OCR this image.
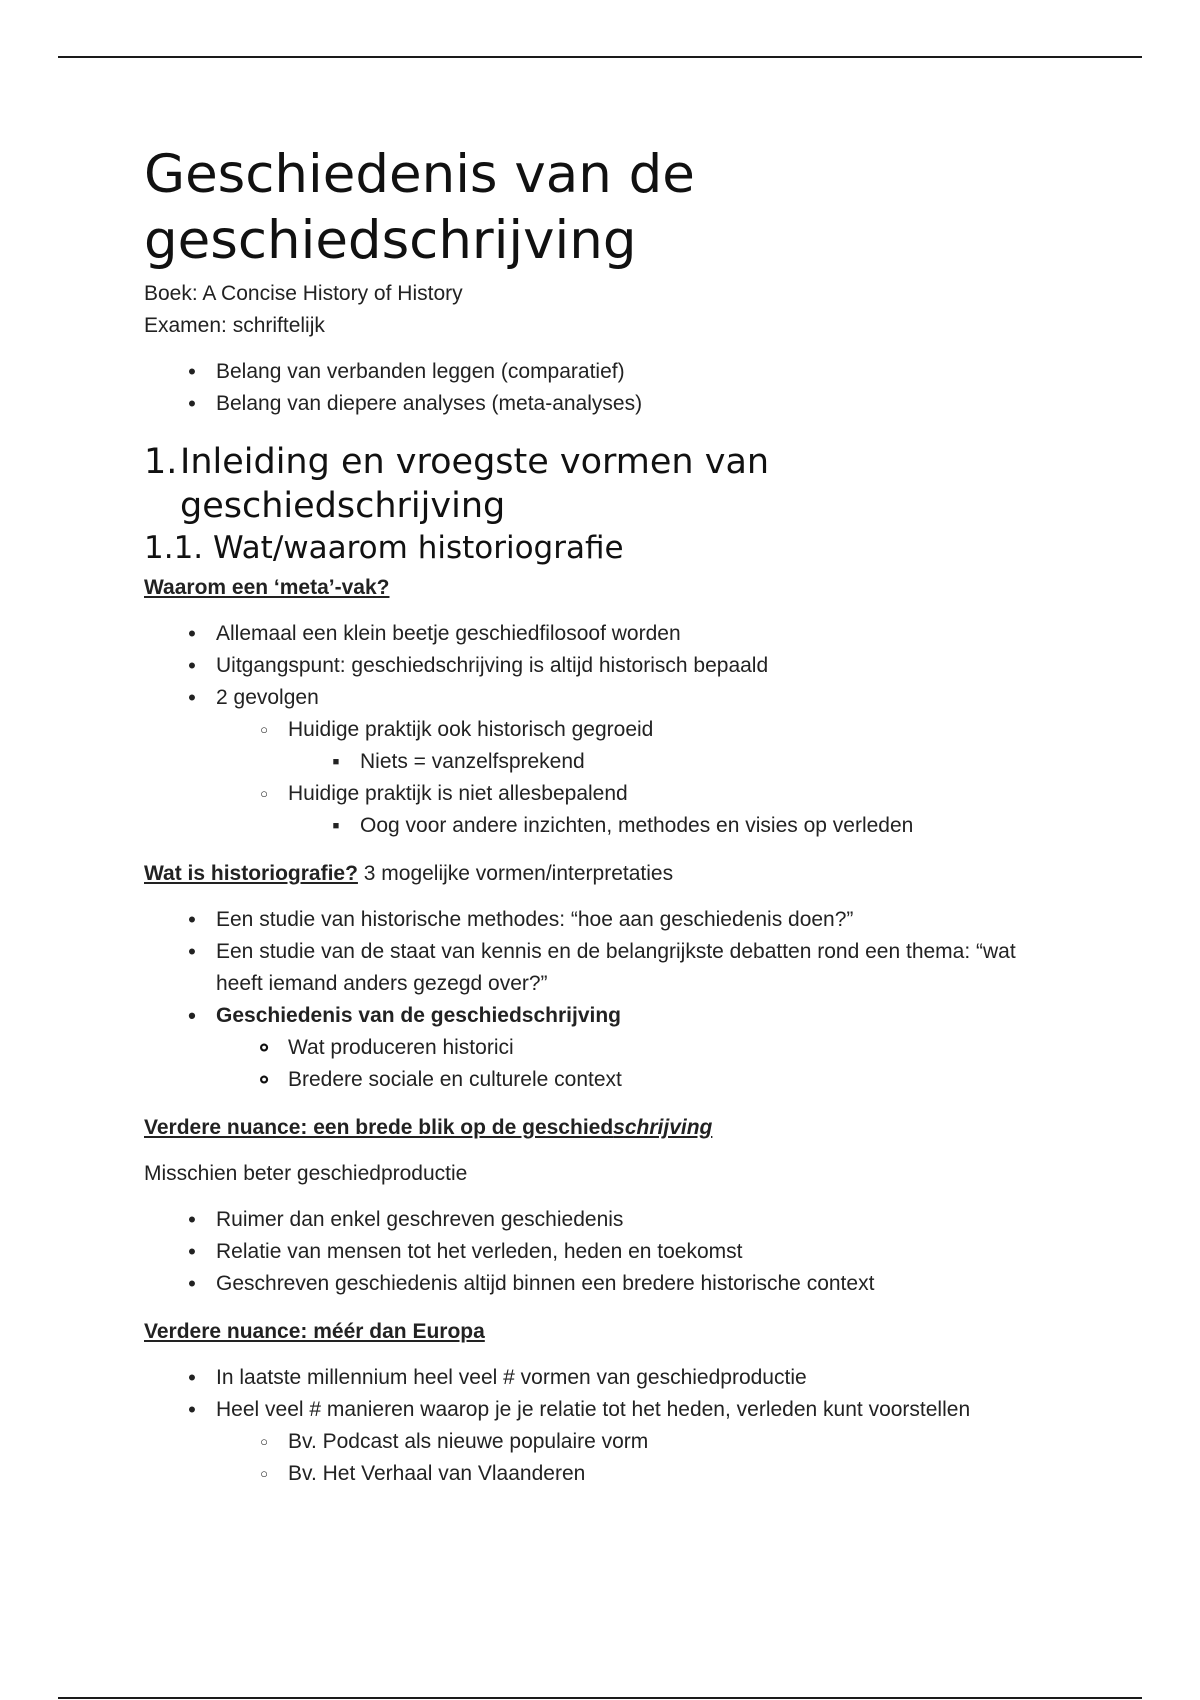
Geschiedenis van de geschiedschrijving

Boek: A Concise History of History

Examen: schriftelijk

•
Belang van verbanden leggen (comparatief)
•
Belang van diepere analyses (meta-analyses)
1. Inleiding en vroegste vormen van geschiedschrijving
1.1. Wat/waarom historiografie

Waarom een ‘meta’-vak?

•
Allemaal een klein beetje geschiedfilosoof worden
•
Uitgangspunt: geschiedschrijving is altijd historisch bepaald
•
2 gevolgen
○
Huidige praktijk ook historisch gegroeid
■
Niets = vanzelfsprekend
○
Huidige praktijk is niet allesbepalend
■
Oog voor andere inzichten, methodes en visies op verleden

Wat is historiografie? 3 mogelijke vormen/interpretaties

•
Een studie van historische methodes: “hoe aan geschiedenis doen?”
•
Een studie van de staat van kennis en de belangrijkste debatten rond een thema: “wat heeft iemand anders gezegd over?”
•
Geschiedenis van de geschiedschrijving
○
Wat produceren historici
○
Bredere sociale en culturele context

Verdere nuance: een brede blik op de geschiedschrijving

Misschien beter geschiedproductie

•
Ruimer dan enkel geschreven geschiedenis
•
Relatie van mensen tot het verleden, heden en toekomst
•
Geschreven geschiedenis altijd binnen een bredere historische context

Verdere nuance: méér dan Europa

•
In laatste millennium heel veel # vormen van geschiedproductie
•
Heel veel # manieren waarop je je relatie tot het heden, verleden kunt voorstellen
○
Bv. Podcast als nieuwe populaire vorm
○
Bv. Het Verhaal van Vlaanderen
